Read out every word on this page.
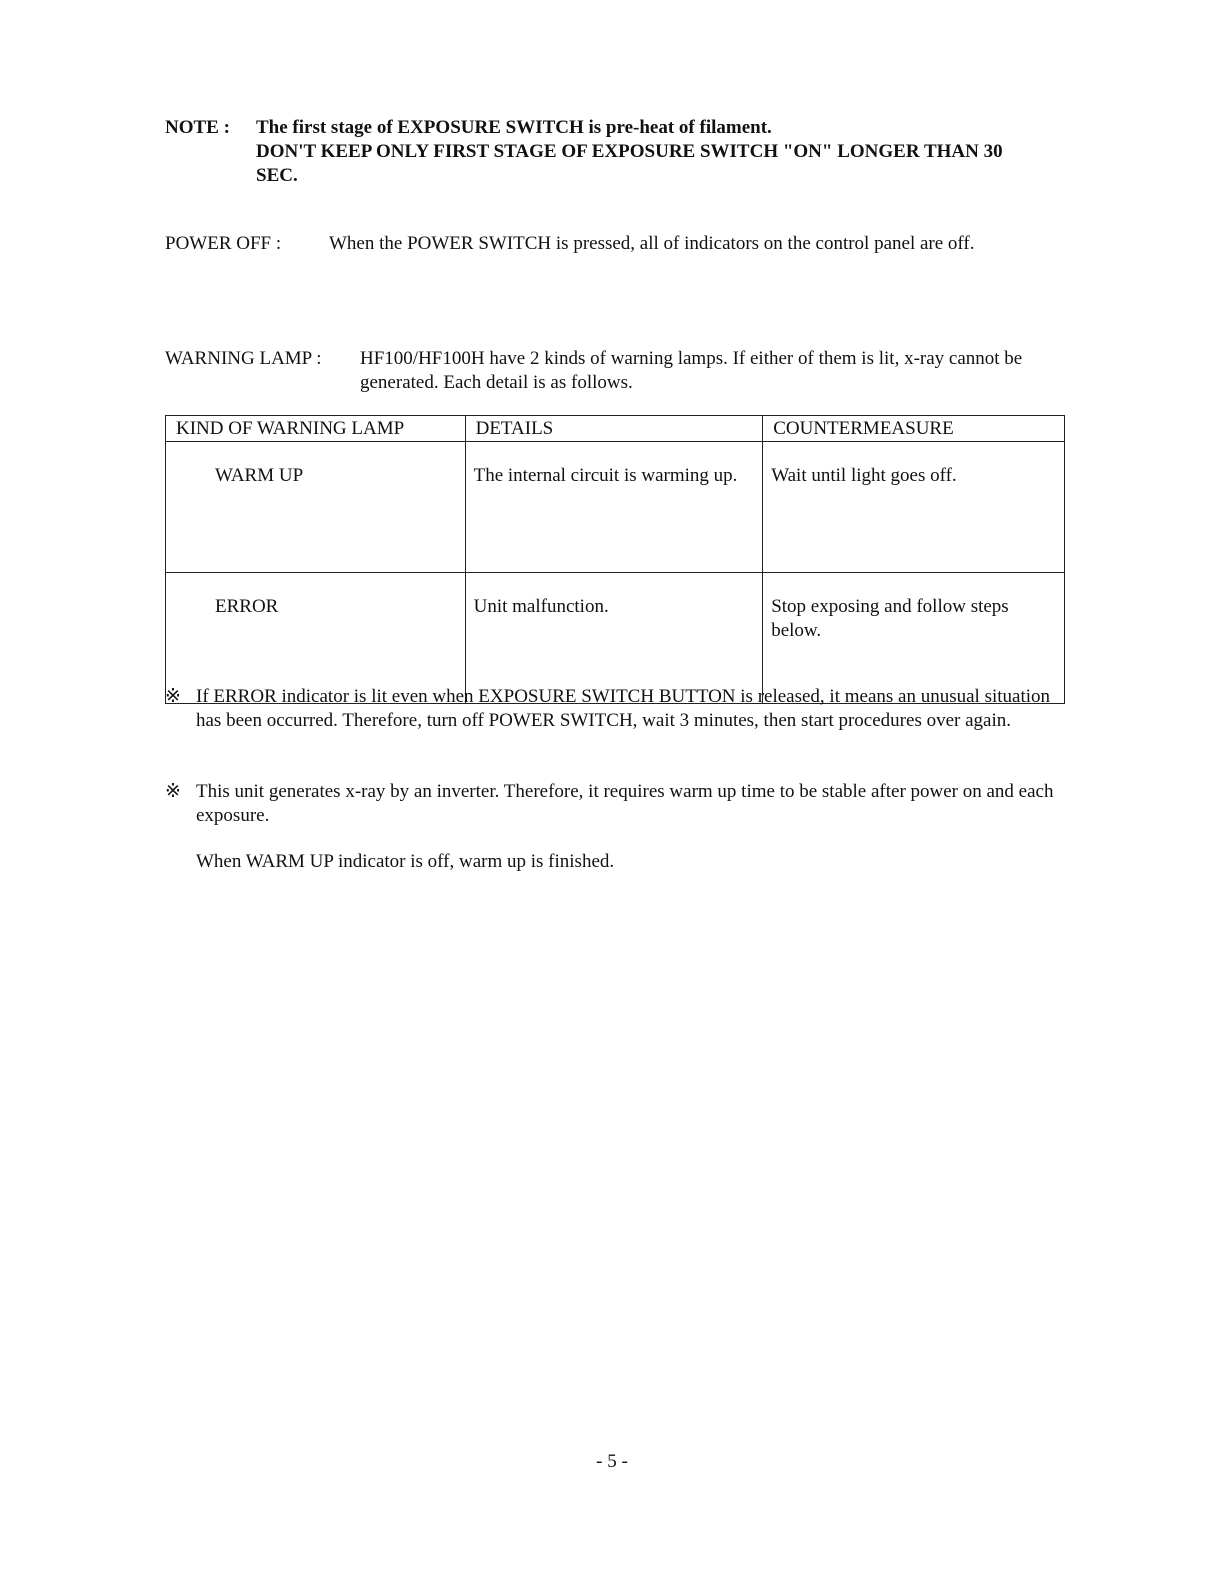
NOTE : The first stage of EXPOSURE SWITCH is pre-heat of filament.
DON'T KEEP ONLY FIRST STAGE OF EXPOSURE SWITCH "ON" LONGER THAN 30 SEC.
POWER OFF :	When the POWER SWITCH is pressed, all of indicators on the control panel are off.
WARNING LAMP : HF100/HF100H have 2 kinds of warning lamps. If either of them is lit, x-ray cannot be generated. Each detail is as follows.
KIND OF WARNING LAMP	DETAILS	COUNTERMEASURE
WARM UP	The internal circuit is warming up.	Wait until light goes off.
ERROR	Unit malfunction.	Stop exposing and follow steps below.
※ If ERROR indicator is lit even when EXPOSURE SWITCH BUTTON is released, it means an unusual situation has been occurred. Therefore, turn off POWER SWITCH, wait 3 minutes, then start procedures over again.
※ This unit generates x-ray by an inverter. Therefore, it requires warm up time to be stable after power on and each exposure.
When WARM UP indicator is off, warm up is finished.
- 5 -
